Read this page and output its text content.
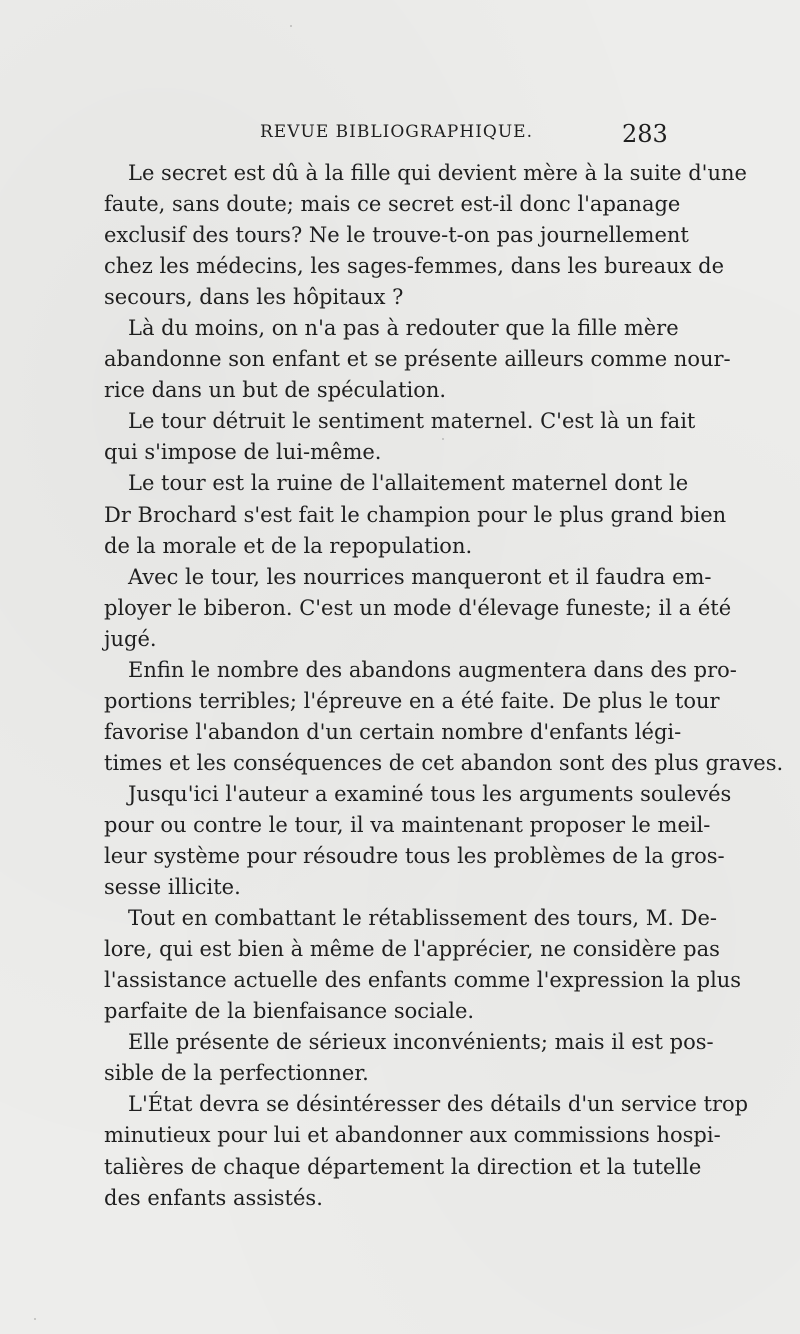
REVUE BIBLIOGRAPHIQUE.	283
Le secret est dû à la fille qui devient mère à la suite d'une
faute, sans doute; mais ce secret est-il donc l'apanage
exclusif des tours? Ne le trouve-t-on pas journellement
chez les médecins, les sages-femmes, dans les bureaux de
secours, dans les hôpitaux ?
Là du moins, on n'a pas à redouter que la fille mère
abandonne son enfant et se présente ailleurs comme nour-
rice dans un but de spéculation.
Le tour détruit le sentiment maternel. C'est là un fait
qui s'impose de lui-même.
Le tour est la ruine de l'allaitement maternel dont le
Dr Brochard s'est fait le champion pour le plus grand bien
de la morale et de la repopulation.
Avec le tour, les nourrices manqueront et il faudra em-
ployer le biberon. C'est un mode d'élevage funeste; il a été
jugé.
Enfin le nombre des abandons augmentera dans des pro-
portions terribles; l'épreuve en a été faite. De plus le tour
favorise l'abandon d'un certain nombre d'enfants légi-
times et les conséquences de cet abandon sont des plus graves.
Jusqu'ici l'auteur a examiné tous les arguments soulevés
pour ou contre le tour, il va maintenant proposer le meil-
leur système pour résoudre tous les problèmes de la gros-
sesse illicite.
Tout en combattant le rétablissement des tours, M. De-
lore, qui est bien à même de l'apprécier, ne considère pas
l'assistance actuelle des enfants comme l'expression la plus
parfaite de la bienfaisance sociale.
Elle présente de sérieux inconvénients; mais il est pos-
sible de la perfectionner.
L'État devra se désintéresser des détails d'un service trop
minutieux pour lui et abandonner aux commissions hospi-
talières de chaque département la direction et la tutelle
des enfants assistés.
